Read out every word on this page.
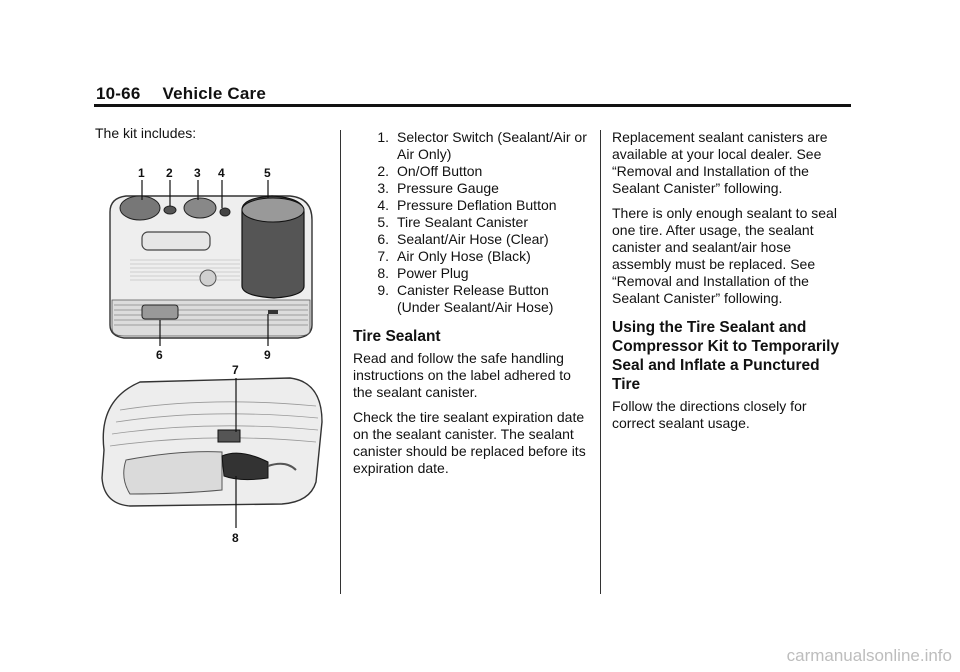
10-66 Vehicle Care
The kit includes:
1 2 3 4	5
6	9
7
8
1. Selector Switch (Sealant/Air or Air Only)
2. On/Off Button
3. Pressure Gauge
4. Pressure Deflation Button
5. Tire Sealant Canister
6. Sealant/Air Hose (Clear)
7. Air Only Hose (Black)
8. Power Plug
9. Canister Release Button (Under Sealant/Air Hose)
Tire Sealant

Read and follow the safe handling instructions on the label adhered to the sealant canister.

Check the tire sealant expiration date on the sealant canister. The sealant canister should be replaced before its expiration date.

Replacement sealant canisters are available at your local dealer. See “Removal and Installation of the Sealant Canister” following.

There is only enough sealant to seal one tire. After usage, the sealant canister and sealant/air hose assembly must be replaced. See “Removal and Installation of the Sealant Canister” following.

Using the Tire Sealant and Compressor Kit to Temporarily Seal and Inflate a Punctured Tire

Follow the directions closely for correct sealant usage.

carmanualsonline.info
